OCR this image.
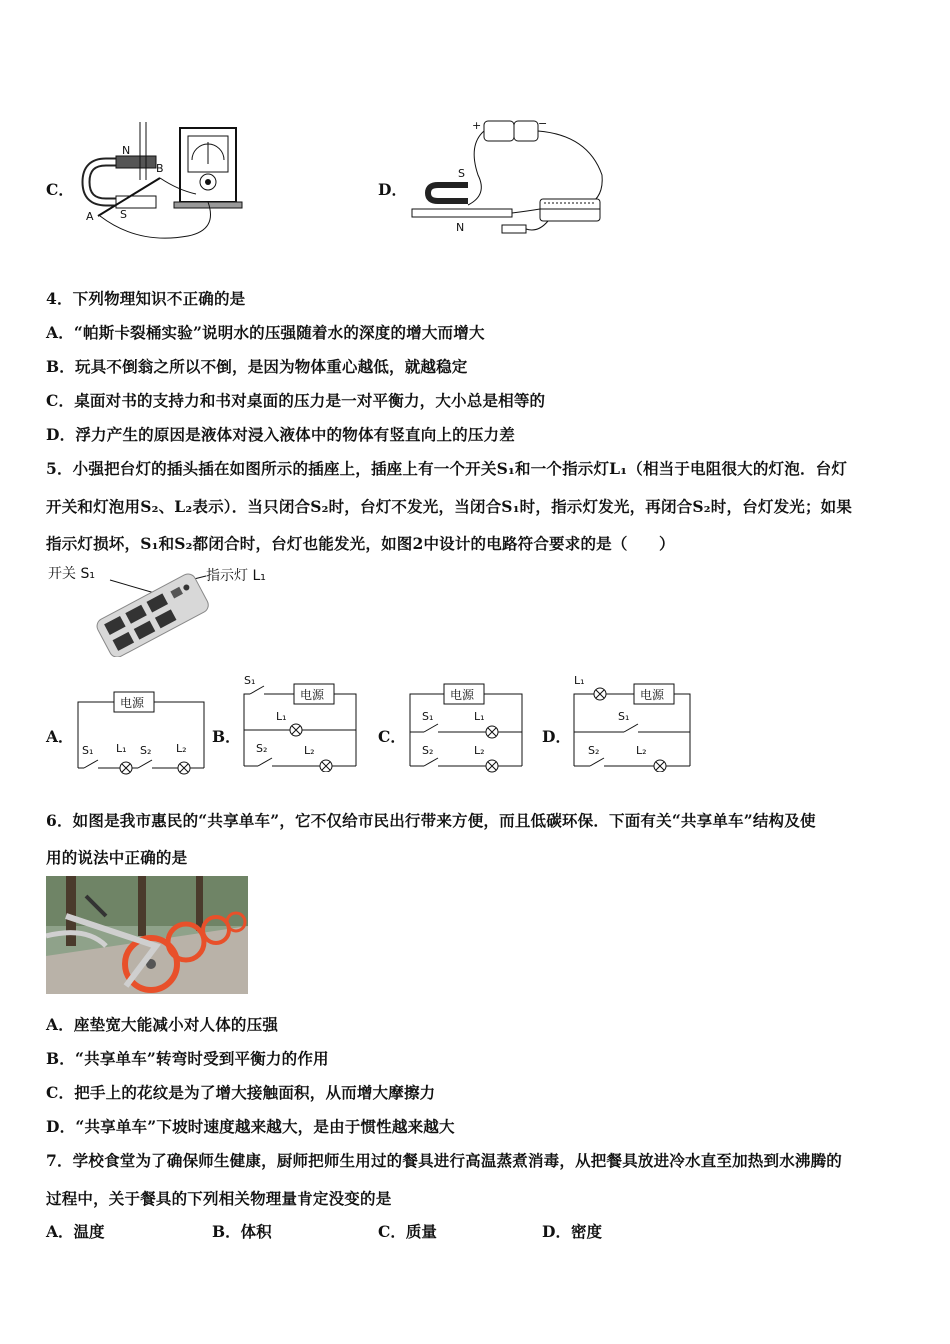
C．
N
B
A S
D．
+	−
S
N
4．下列物理知识不正确的是
A．“帕斯卡裂桶实验”说明水的压强随着水的深度的增大而增大
B．玩具不倒翁之所以不倒，是因为物体重心越低，就越稳定
C．桌面对书的支持力和书对桌面的压力是一对平衡力，大小总是相等的
D．浮力产生的原因是液体对浸入液体中的物体有竖直向上的压力差
5．小强把台灯的插头插在如图所示的插座上，插座上有一个开关S₁和一个指示灯L₁（相当于电阻很大的灯泡．台灯
开关和灯泡用S₂、L₂表示）．当只闭合S₂时，台灯不发光，当闭合S₁时，指示灯发光，再闭合S₂时，台灯发光；如果
指示灯损坏，S₁和S₂都闭合时，台灯也能发光，如图2中设计的电路符合要求的是（　　）
开关 S₁	指示灯 L₁
A．
电源
S₁ L₁ S₂ L₂
B．
S₁
电源
L₁
S₂	L₂
C．
电源
S₁	L₁
S₂	L₂
D．
L₁
电源
S₁
S₂	L₂
6．如图是我市惠民的“共享单车”，它不仅给市民出行带来方便，而且低碳环保．下面有关“共享单车”结构及使
用的说法中正确的是
A．座垫宽大能减小对人体的压强
B．“共享单车”转弯时受到平衡力的作用
C．把手上的花纹是为了增大接触面积，从而增大摩擦力
D．“共享单车”下坡时速度越来越大，是由于惯性越来越大
7．学校食堂为了确保师生健康，厨师把师生用过的餐具进行高温蒸煮消毒，从把餐具放进冷水直至加热到水沸腾的
过程中，关于餐具的下列相关物理量肯定没变的是
A．温度	B．体积	C．质量	D．密度
